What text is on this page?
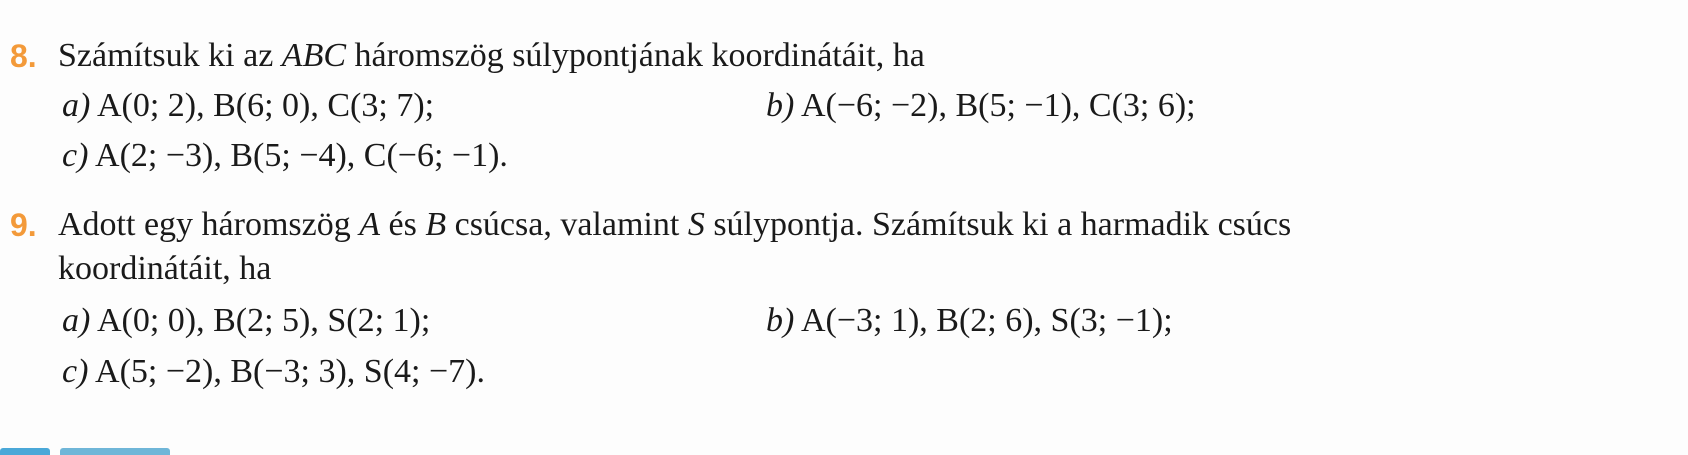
8. Számítsuk ki az ABC háromszög súlypontjának koordinátáit, ha
a) A(0; 2), B(6; 0), C(3; 7);	b) A(−6; −2), B(5; −1), C(3; 6);
c) A(2; −3), B(5; −4), C(−6; −1).
9. Adott egy háromszög A és B csúcsa, valamint S súlypontja. Számítsuk ki a harmadik csúcs
koordinátáit, ha
a) A(0; 0), B(2; 5), S(2; 1);	b) A(−3; 1), B(2; 6), S(3; −1);
c) A(5; −2), B(−3; 3), S(4; −7).
